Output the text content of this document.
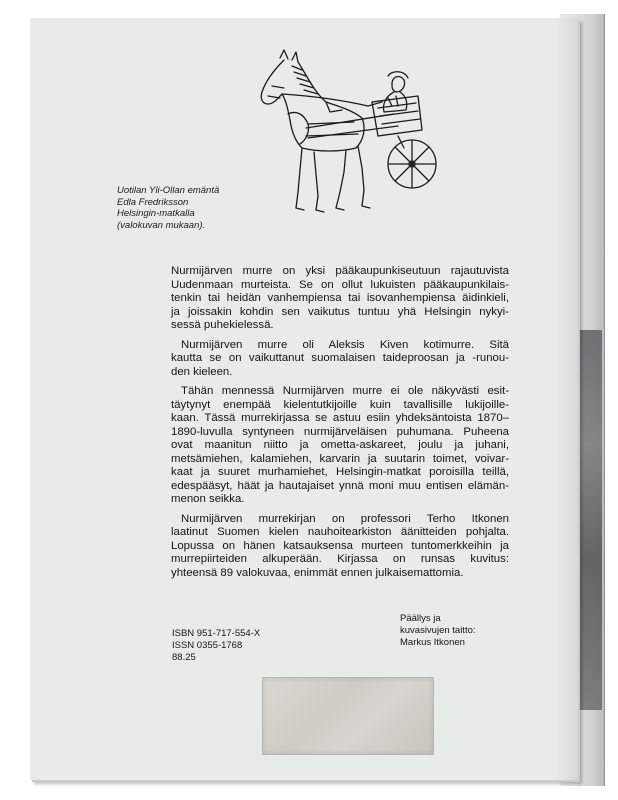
Uotilan Yli-Ollan emäntä
Edla Fredriksson
Helsingin-matkalla
(valokuvan mukaan).
Nurmijärven murre on yksi pääkaupunkiseutuun rajautuvista
Uudenmaan murteista. Se on ollut lukuisten pääkaupunkilais-
tenkin tai heidän vanhempiensa tai isovanhempiensa äidinkieli,
ja joissakin kohdin sen vaikutus tuntuu yhä Helsingin nykyi-
sessä puhekielessä.
Nurmijärven murre oli Aleksis Kiven kotimurre. Sitä
kautta se on vaikuttanut suomalaisen taideproosan ja -runou-
den kieleen.
Tähän mennessä Nurmijärven murre ei ole näkyvästi esit-
täytynyt enempää kielentutkijoille kuin tavallisille lukijoille-
kaan. Tässä murrekirjassa se astuu esiin yhdeksäntoista 1870–
1890-luvulla syntyneen nurmijärveläisen puhumana. Puheena
ovat maanitun niitto ja ometta-askareet, joulu ja juhani,
metsämiehen, kalamiehen, karvarin ja suutarin toimet, voivar-
kaat ja suuret murhamiehet, Helsingin-matkat poroisilla teillä,
edespääsyt, häät ja hautajaiset ynnä moni muu entisen elämän-
menon seikka.
Nurmijärven murrekirjan on professori Terho Itkonen
laatinut Suomen kielen nauhoitearkiston äänitteiden pohjalta.
Lopussa on hänen katsauksensa murteen tuntomerkkeihin ja
murrepiirteiden alkuperään. Kirjassa on runsas kuvitus:
yhteensä 89 valokuvaa, enimmät ennen julkaisemattomia.
ISBN 951-717-554-X
ISSN 0355-1768
88.25
Päällys ja
kuvasivujen taitto:
Markus Itkonen
